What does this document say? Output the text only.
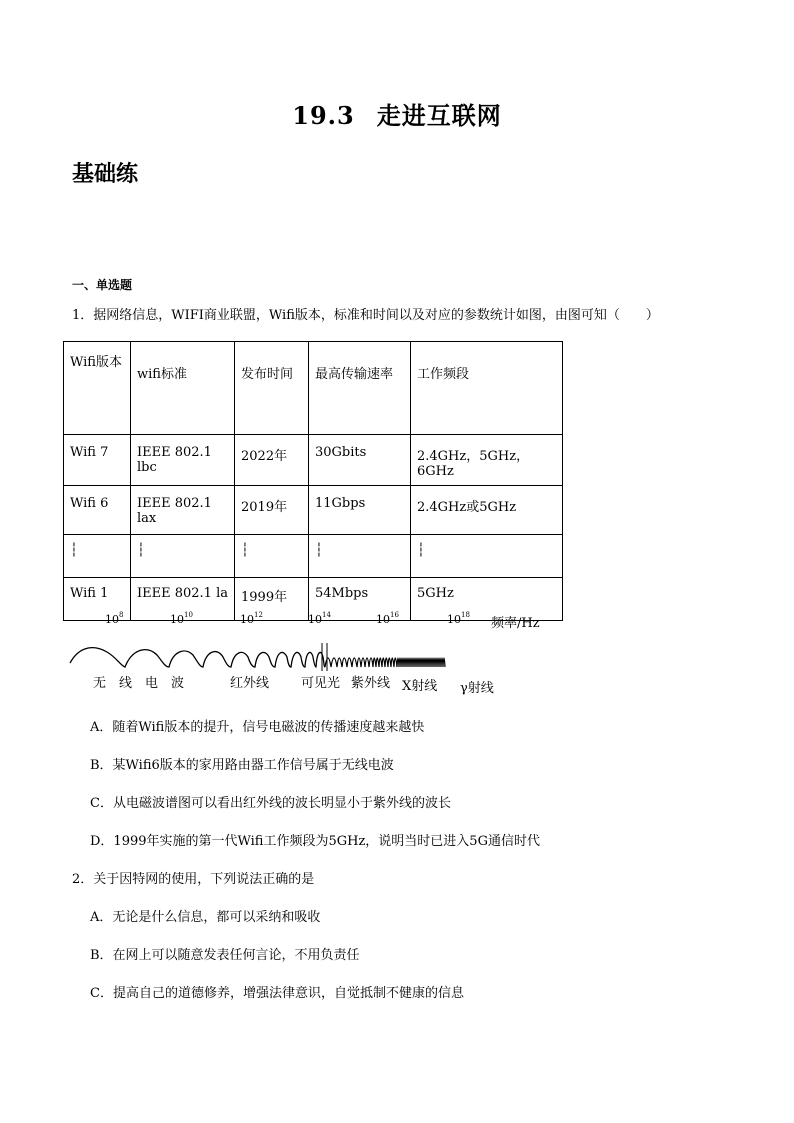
19.3 走进互联网
基础练
一、单选题
1．据网络信息，WIFI商业联盟，Wifi版本，标准和时间以及对应的参数统计如图，由图可知（　　）
Wifi版本	wifi标准	发布时间	最高传输速率	工作频段
Wifi 7	IEEE 802.1 lbc	2022年	30Gbits	2.4GHz，5GHz，6GHz
Wifi 6	IEEE 802.1 lax	2019年	11Gbps	2.4GHz或5GHz
┆	┆	┆	┆	┆
Wifi 1	IEEE 802.1 la	1999年	54Mbps	5GHz
$10^8$	$10^{10}$	$10^{12}$	$10^{14}$	$10^{16}$	$10^{18}$
频率/Hz
无　线　电　波	红外线 可见光 紫外线 X射线 γ射线
A．随着Wifi版本的提升，信号电磁波的传播速度越来越快
B．某Wifi6版本的家用路由器工作信号属于无线电波
C．从电磁波谱图可以看出红外线的波长明显小于紫外线的波长
D．1999年实施的第一代Wifi工作频段为5GHz，说明当时已进入5G通信时代
2．关于因特网的使用，下列说法正确的是
A．无论是什么信息，都可以采纳和吸收
B．在网上可以随意发表任何言论，不用负责任
C．提高自己的道德修养，增强法律意识，自觉抵制不健康的信息
